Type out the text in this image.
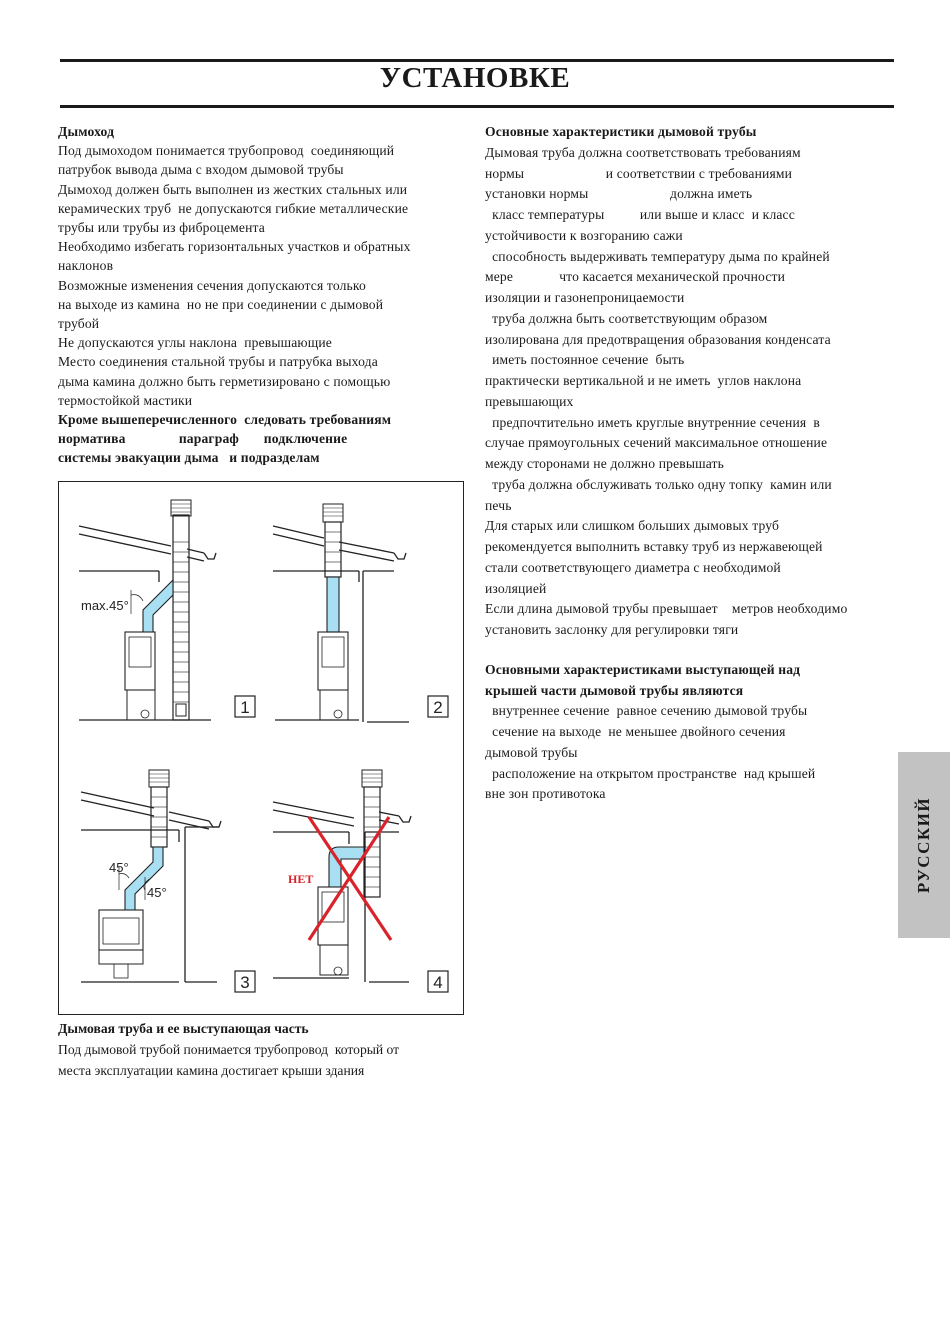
УСТАНОВКЕ

Дымоход

Под дымоходом понимается трубопровод  соединяющий

патрубок вывода дыма с входом дымовой трубы

Дымоход должен быть выполнен из жестких стальных или

керамических труб  не допускаются гибкие металлические

трубы или трубы из фиброцемента

Необходимо избегать горизонтальных участков и обратных

наклонов

Возможные изменения сечения допускаются только

на выходе из камина  но не при соединении с дымовой

трубой

Не допускаются углы наклона  превышающие

Место соединения стальной трубы и патрубка выхода

дыма камина должно быть герметизировано с помощью

термостойкой мастики

Кроме вышеперечисленного  следовать требованиям

норматива               параграф       подключение

системы эвакуации дыма   и подразделам

max.45°
45°
45°
НЕТ
1	2
3	4

Дымовая труба и ее выступающая часть

Под дымовой трубой понимается трубопровод  который от

места эксплуатации камина достигает крыши здания

Основные характеристики дымовой трубы

Дымовая труба должна соответствовать требованиям

нормы                       и соответствии с требованиями

установки нормы                       должна иметь

класс температуры          или выше и класс  и класс

устойчивости к возгоранию сажи

способность выдерживать температуру дыма по крайней

мере             что касается механической прочности

изоляции и газонепроницаемости

труба должна быть соответствующим образом

изолирована для предотвращения образования конденсата

иметь постоянное сечение  быть

практически вертикальной и не иметь  углов наклона

превышающих

предпочтительно иметь круглые внутренние сечения  в

случае прямоугольных сечений максимальное отношение

между сторонами не должно превышать

труба должна обслуживать только одну топку  камин или

печь

Для старых или слишком больших дымовых труб

рекомендуется выполнить вставку труб из нержавеющей

стали соответствующего диаметра с необходимой

изоляцией

Если длина дымовой трубы превышает    метров необходимо

установить заслонку для регулировки тяги

Основными характеристиками выступающей над

крышей части дымовой трубы являются

внутреннее сечение  равное сечению дымовой трубы

сечение на выходе  не меньшее двойного сечения

дымовой трубы

расположение на открытом пространстве  над крышей

вне зон противотока

РУССКИЙ
